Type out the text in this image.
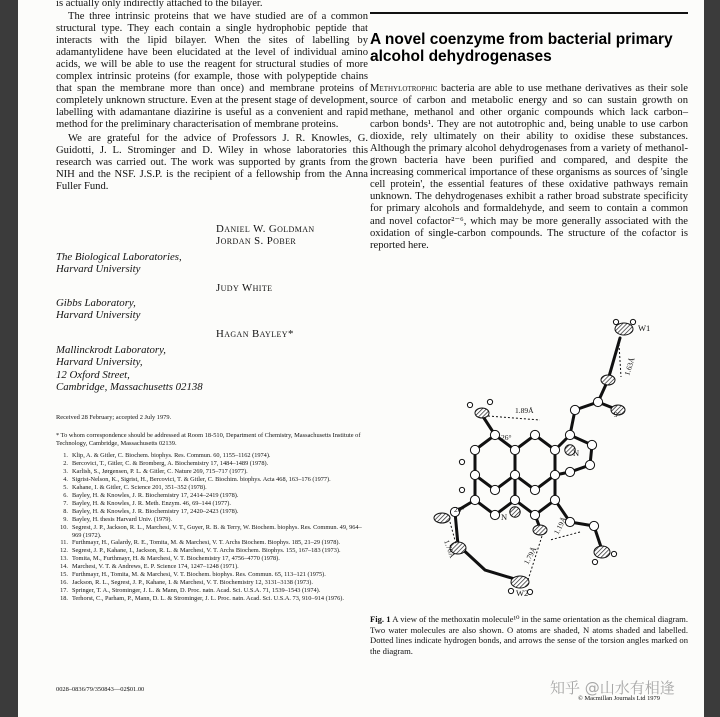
is actually only indirectly attached to the bilayer.

The three intrinsic proteins that we have studied are of a common structural type. They each contain a single hydrophobic peptide that interacts with the lipid bilayer. When the sites of labelling by adamantylidene have been elucidated at the level of individual amino acids, we will be able to use the reagent for structural studies of more complex intrinsic proteins (for example, those with polypeptide chains that span the membrane more than once) and membrane proteins of completely unknown structure. Even at the present stage of development, labelling with adamantane diazirine is useful as a convenient and rapid method for the preliminary characterisation of membrane proteins.

We are grateful for the advice of Professors J. R. Knowles, G. Guidotti, J. L. Strominger and D. Wiley in whose laboratories this research was carried out. The work was supported by grants from the NIH and the NSF. J.S.P. is the recipient of a fellowship from the Anna Fuller Fund.

Daniel W. Goldman
Jordan S. Pober
The Biological Laboratories,
Harvard University
Judy White
Gibbs Laboratory,
Harvard University
Hagan Bayley*
Mallinckrodt Laboratory,
Harvard University,
12 Oxford Street,
Cambridge, Massachusetts 02138
Received 28 February; accepted 2 July 1979.
* To whom correspondence should be addressed at Room 18-510, Department of Chemistry, Massachusetts Institute of Technology, Cambridge, Massachusetts 02139.
1. Klip, A. & Gitler, C. Biochem. biophys. Res. Commun. 60, 1155–1162 (1974).
2. Bercovici, T., Gitler, C. & Bromberg, A. Biochemistry 17, 1484–1489 (1978).
3. Karlish, S., Jørgensen, P. L. & Gitler, C. Nature 269, 715–717 (1977).
4. Sigrist-Nelson, K., Sigrist, H., Bercovici, T. & Gitler, C. Biochim. biophys. Acta 468, 163–176 (1977).
5. Kahane, I. & Gitler, C. Science 201, 351–352 (1978).
6. Bayley, H. & Knowles, J. R. Biochemistry 17, 2414–2419 (1978).
7. Bayley, H. & Knowles, J. R. Meth. Enzym. 46, 69–144 (1977).
8. Bayley, H. & Knowles, J. R. Biochemistry 17, 2420–2423 (1978).
9. Bayley, H. thesis Harvard Univ. (1979).
10. Segrest, J. P., Jackson, R. L., Marchesi, V. T., Guyer, R. B. & Terry, W. Biochem. biophys. Res. Commun. 49, 964–969 (1972).
11. Furthmayr, H., Galardy, R. E., Tomita, M. & Marchesi, V. T. Archs Biochem. Biophys. 185, 21–29 (1978).
12. Segrest, J. P., Kahane, I., Jackson, R. L. & Marchesi, V. T. Archs Biochem. Biophys. 155, 167–183 (1973).
13. Tomita, M., Furthmayr, H. & Marchesi, V. T. Biochemistry 17, 4756–4770 (1978).
14. Marchesi, V. T. & Andrews, E. P. Science 174, 1247–1248 (1971).
15. Furthmayr, H., Tomita, M. & Marchesi, V. T. Biochem. biophys. Res. Commun. 65, 113–121 (1975).
16. Jackson, R. L., Segrest, J. P., Kahane, I. & Marchesi, V. T. Biochemistry 12, 3131–3138 (1973).
17. Springer, T. A., Strominger, J. L. & Mann, D. Proc. natn. Acad. Sci. U.S.A. 71, 1539–1543 (1974).
18. Terhorst, C., Parham, P., Mann, D. L. & Strominger, J. L. Proc. natn. Acad. Sci. U.S.A. 73, 910–914 (1976).
0028–0836/79/350843—02$01.00
A novel coenzyme from bacterial primary alcohol dehydrogenases

Methylotrophic bacteria are able to use methane derivatives as their sole source of carbon and metabolic energy and so can sustain growth on methane, methanol and other organic compounds which lack carbon–carbon bonds¹. They are not autotrophic and, being unable to use carbon dioxide, rely ultimately on their ability to oxidise these substances. Although the primary alcohol dehydrogenases from a variety of methanol-grown bacteria have been purified and compared, and despite the increasing commerical importance of these organisms as sources of 'single cell protein', the essential features of these oxidative pathways remain unknown. The dehydrogenases exhibit a rather broad substrate specificity for primary alcohols and formaldehyde, and seem to contain a common and novel cofactor²⁻⁶, which may be more generally associated with the oxidation of single-carbon compounds. The structure of the cofactor is reported here.

W1
W2
N
N
9°
26°
20°
1.63Å
1.89Å
1.70Å	1.79Å
1.19Å
Fig. 1 A view of the methoxatin molecule¹⁰ in the same orientation as the chemical diagram. Two water molecules are also shown. O atoms are shaded, N atoms shaded and labelled. Dotted lines indicate hydrogen bonds, and arrows the sense of the torsion angles marked on the diagram.
© Macmillan Journals Ltd 1979
知乎 @山水有相逢
